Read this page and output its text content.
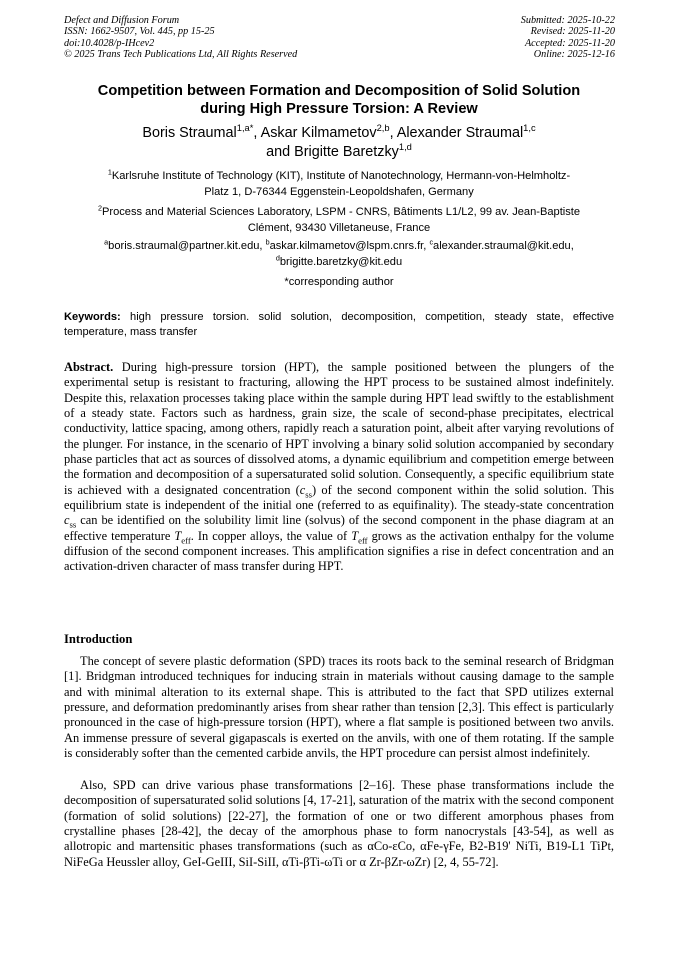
Defect and Diffusion Forum
ISSN: 1662-9507, Vol. 445, pp 15-25
doi:10.4028/p-IHcev2
© 2025 Trans Tech Publications Ltd, All Rights Reserved
Submitted: 2025-10-22
Revised: 2025-11-20
Accepted: 2025-11-20
Online: 2025-12-16
Competition between Formation and Decomposition of Solid Solution
during High Pressure Torsion: A Review
Boris Straumal$^{1,a*}$, Askar Kilmametov$^{2,b}$, Alexander Straumal$^{1,c}$
and Brigitte Baretzky$^{1,d}$
$^1$Karlsruhe Institute of Technology (KIT), Institute of Nanotechnology, Hermann-von-Helmholtz-
Platz 1, D-76344 Eggenstein-Leopoldshafen, Germany
$^2$Process and Material Sciences Laboratory, LSPM - CNRS, Bâtiments L1/L2, 99 av. Jean-Baptiste
Clément, 93430 Villetaneuse, France
$^a$boris.straumal@partner.kit.edu, $^b$askar.kilmametov@lspm.cnrs.fr, $^c$alexander.straumal@kit.edu,
$^d$brigitte.baretzky@kit.edu
*corresponding author
Keywords: high pressure torsion. solid solution, decomposition, competition, steady state, effective temperature, mass transfer

Abstract. During high-pressure torsion (HPT), the sample positioned between the plungers of the experimental setup is resistant to fracturing, allowing the HPT process to be sustained almost indefinitely. Despite this, relaxation processes taking place within the sample during HPT lead swiftly to the establishment of a steady state. Factors such as hardness, grain size, the scale of second-phase precipitates, electrical conductivity, lattice spacing, among others, rapidly reach a saturation point, albeit after varying revolutions of the plunger. For instance, in the scenario of HPT involving a binary solid solution accompanied by secondary phase particles that act as sources of dissolved atoms, a dynamic equilibrium and competition emerge between the formation and decomposition of a supersaturated solid solution. Consequently, a specific equilibrium state is achieved with a designated concentration $(c_{ss})$ of the second component within the solid solution. This equilibrium state is independent of the initial one (referred to as equifinality). The steady-state concentration $c_{ss}$ can be identified on the solubility limit line (solvus) of the second component in the phase diagram at an effective temperature $T_{eff}$. In copper alloys, the value of $T_{eff}$ grows as the activation enthalpy for the volume diffusion of the second component increases. This amplification signifies a rise in defect concentration and an activation-driven character of mass transfer during HPT.

Introduction

The concept of severe plastic deformation (SPD) traces its roots back to the seminal research of Bridgman [1]. Bridgman introduced techniques for inducing strain in materials without causing damage to the sample and with minimal alteration to its external shape. This is attributed to the fact that SPD utilizes external pressure, and deformation predominantly arises from shear rather than tension [2,3]. This effect is particularly pronounced in the case of high-pressure torsion (HPT), where a flat sample is positioned between two anvils. An immense pressure of several gigapascals is exerted on the anvils, with one of them rotating. If the sample is considerably softer than the cemented carbide anvils, the HPT procedure can persist almost indefinitely.

Also, SPD can drive various phase transformations [2–16]. These phase transformations include the decomposition of supersaturated solid solutions [4, 17-21], saturation of the matrix with the second component (formation of solid solutions) [22-27], the formation of one or two different amorphous phases from crystalline phases [28-42], the decay of the amorphous phase to form nanocrystals [43-54], as well as allotropic and martensitic phases transformations (such as αCo-εCo, αFe-γFe, B2-B19' NiTi, B19-L1 TiPt, NiFeGa Heussler alloy, GeI-GeIII, SiI-SiII, αTi-βTi-ωTi or α Zr-βZr-ωZr) [2, 4, 55-72].
